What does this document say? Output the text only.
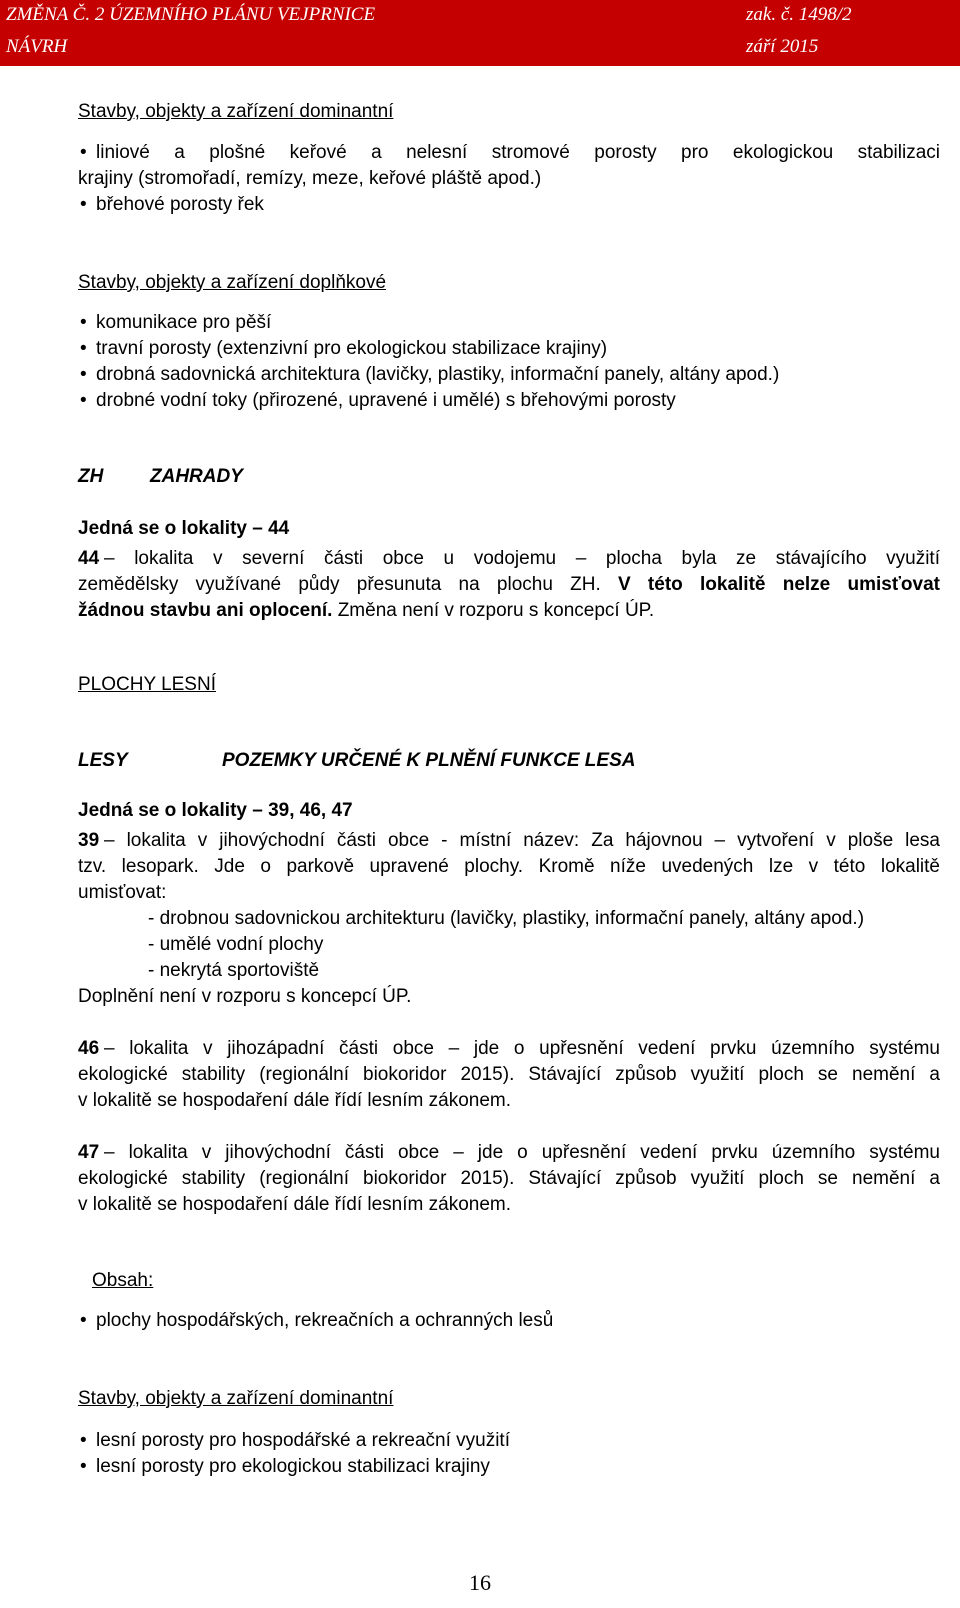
ZMĚNA Č. 2 ÚZEMNÍHO PLÁNU VEJPRNICE	zak. č. 1498/2
NÁVRH	září 2015
Stavby, objekty a zařízení dominantní
• liniové a plošné keřové a nelesní stromové porosty pro ekologickou stabilizaci
krajiny (stromořadí, remízy, meze, keřové pláště apod.)
• břehové porosty řek
Stavby, objekty a zařízení doplňkové
• komunikace pro pěší
• travní porosty (extenzivní pro ekologickou stabilizace krajiny)
• drobná sadovnická architektura (lavičky, plastiky, informační panely, altány apod.)
• drobné vodní toky (přirozené, upravené i umělé) s břehovými porosty
ZH ZAHRADY
Jedná se o lokality – 44
44 – lokalita v severní části obce u vodojemu – plocha byla ze stávajícího využití
zemědělsky využívané půdy přesunuta na plochu ZH. V této lokalitě nelze umisťovat
žádnou stavbu ani oplocení. Změna není v rozporu s koncepcí ÚP.
PLOCHY LESNÍ
LESY	POZEMKY URČENÉ K PLNĚNÍ FUNKCE LESA
Jedná se o lokality – 39, 46, 47
39 – lokalita v jihovýchodní části obce - místní název: Za hájovnou – vytvoření v ploše lesa
tzv. lesopark. Jde o parkově upravené plochy. Kromě níže uvedených lze v této lokalitě
umisťovat:
- drobnou sadovnickou architekturu (lavičky, plastiky, informační panely, altány apod.)
- umělé vodní plochy
- nekrytá sportoviště
Doplnění není v rozporu s koncepcí ÚP.
46 – lokalita v jihozápadní části obce – jde o upřesnění vedení prvku územního systému
ekologické stability (regionální biokoridor 2015). Stávající způsob využití ploch se nemění a
v lokalitě se hospodaření dále řídí lesním zákonem.
47 – lokalita v jihovýchodní části obce – jde o upřesnění vedení prvku územního systému
ekologické stability (regionální biokoridor 2015). Stávající způsob využití ploch se nemění a
v lokalitě se hospodaření dále řídí lesním zákonem.
Obsah:
• plochy hospodářských, rekreačních a ochranných lesů
Stavby, objekty a zařízení dominantní
• lesní porosty pro hospodářské a rekreační využití
• lesní porosty pro ekologickou stabilizaci krajiny
16
